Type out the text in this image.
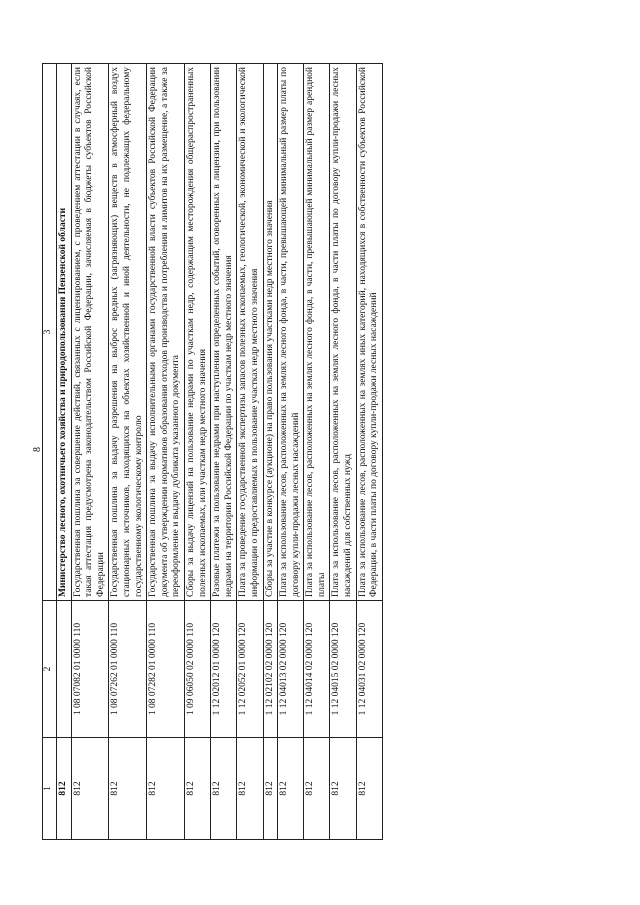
8
1	2	3
812		Министерство лесного, охотничьего хозяйства и природопользования Пензенской области
812	1 08 07082 01 0000 110	Государственная пошлина за совершение действий, связанных с лицензированием, с проведением аттестации в случаях, если такая аттестация предусмотрена законодательством Российской Федерации, зачисляемая в бюджеты субъектов Российской Федерации
812	1 08 07262 01 0000 110	Государственная пошлина за выдачу разрешения на выброс вредных (загрязняющих) веществ в атмосферный воздух стационарных источников, находящихся на объектах хозяйственной и иной деятельности, не подлежащих федеральному государственному экологическому контролю
812	1 08 07282 01 0000 110	Государственная пошлина за выдачу исполнительными органами государственной власти субъектов Российской Федерации документа об утверждении нормативов образования отходов производства и потребления и лимитов на их размещение, а также за переоформление и выдачу дубликата указанного документа
812	1 09 06050 02 0000 110	Сборы за выдачу лицензий на пользование недрами по участкам недр, содержащим месторождения общераспространенных полезных ископаемых, или участкам недр местного значения
812	1 12 02012 01 0000 120	Разовые платежи за пользование недрами при наступлении определенных событий, оговоренных в лицензии, при пользовании недрами на территории Российской Федерации по участкам недр местного значения
812	1 12 02052 01 0000 120	Плата за проведение государственной экспертизы запасов полезных ископаемых, геологической, экономической и экологической информации о предоставляемых в пользование участках недр местного значения
812	1 12 02102 02 0000 120	Сборы за участие в конкурсе (аукционе) на право пользования участками недр местного значения
812	1 12 04013 02 0000 120	Плата за использование лесов, расположенных на землях лесного фонда, в части, превышающей минимальный размер платы по договору купли-продажи лесных насаждений
812	1 12 04014 02 0000 120	Плата за использование лесов, расположенных на землях лесного фонда, в части, превышающей минимальный размер арендной платы
812	1 12 04015 02 0000 120	Плата за использование лесов, расположенных на землях лесного фонда, в части платы по договору купли-продажи лесных насаждений для собственных нужд
812	1 12 04031 02 0000 120	Плата за использование лесов, расположенных на землях иных категорий, находящихся в собственности субъектов Российской Федерации, в части платы по договору купли-продажи лесных насаждений
